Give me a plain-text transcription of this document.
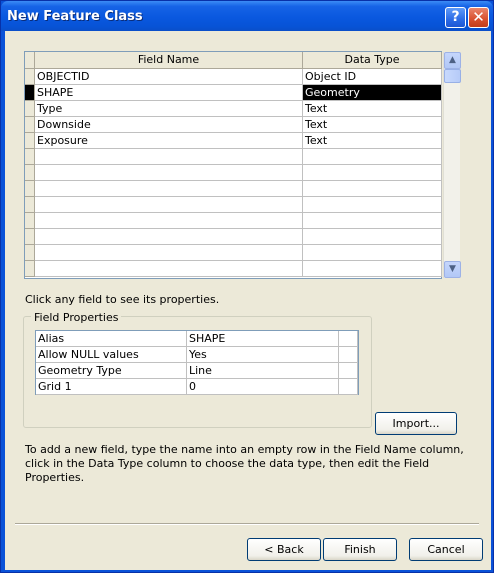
New Feature Class	? ✕
Field Name	Data Type
OBJECTID	Object ID
SHAPE	Geometry
Type	Text
Downside	Text
Exposure	Text
▲
▼
Click any field to see its properties.
Field Properties
Alias	SHAPE
Allow NULL values	Yes
Geometry Type	Line
Grid 1	0
Import...
To add a new field, type the name into an empty row in the Field Name column, click in the Data Type column to choose the data type, then edit the Field Properties.
< Back	Finish	Cancel
